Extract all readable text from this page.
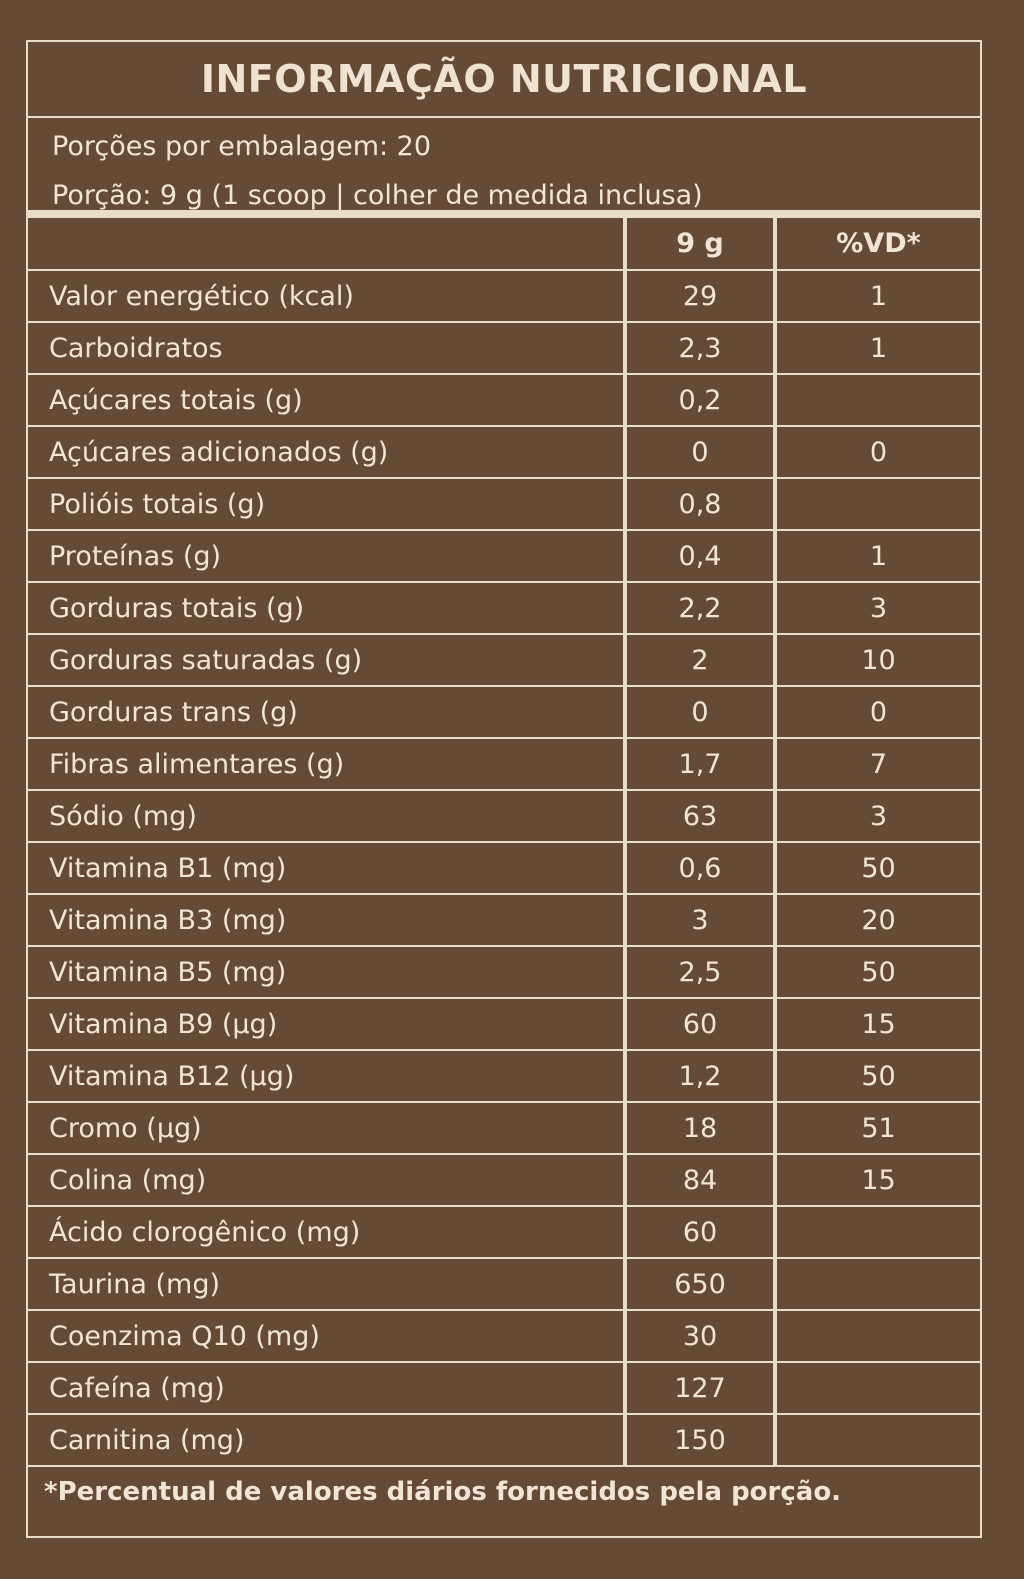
INFORMAÇÃO NUTRICIONAL
Porções por embalagem: 20
Porção: 9 g (1 scoop | colher de medida inclusa)
	9 g	%VD*
Valor energético (kcal)	29	1
Carboidratos	2,3	1
Açúcares totais (g)	0,2	
Açúcares adicionados (g)	0	0
Polióis totais (g)	0,8	
Proteínas (g)	0,4	1
Gorduras totais (g)	2,2	3
Gorduras saturadas (g)	2	10
Gorduras trans (g)	0	0
Fibras alimentares (g)	1,7	7
Sódio (mg)	63	3
Vitamina B1 (mg)	0,6	50
Vitamina B3 (mg)	3	20
Vitamina B5 (mg)	2,5	50
Vitamina B9 (µg)	60	15
Vitamina B12 (µg)	1,2	50
Cromo (µg)	18	51
Colina (mg)	84	15
Ácido clorogênico (mg)	60	
Taurina (mg)	650	
Coenzima Q10 (mg)	30	
Cafeína (mg)	127	
Carnitina (mg)	150	
*Percentual de valores diários fornecidos pela porção.
